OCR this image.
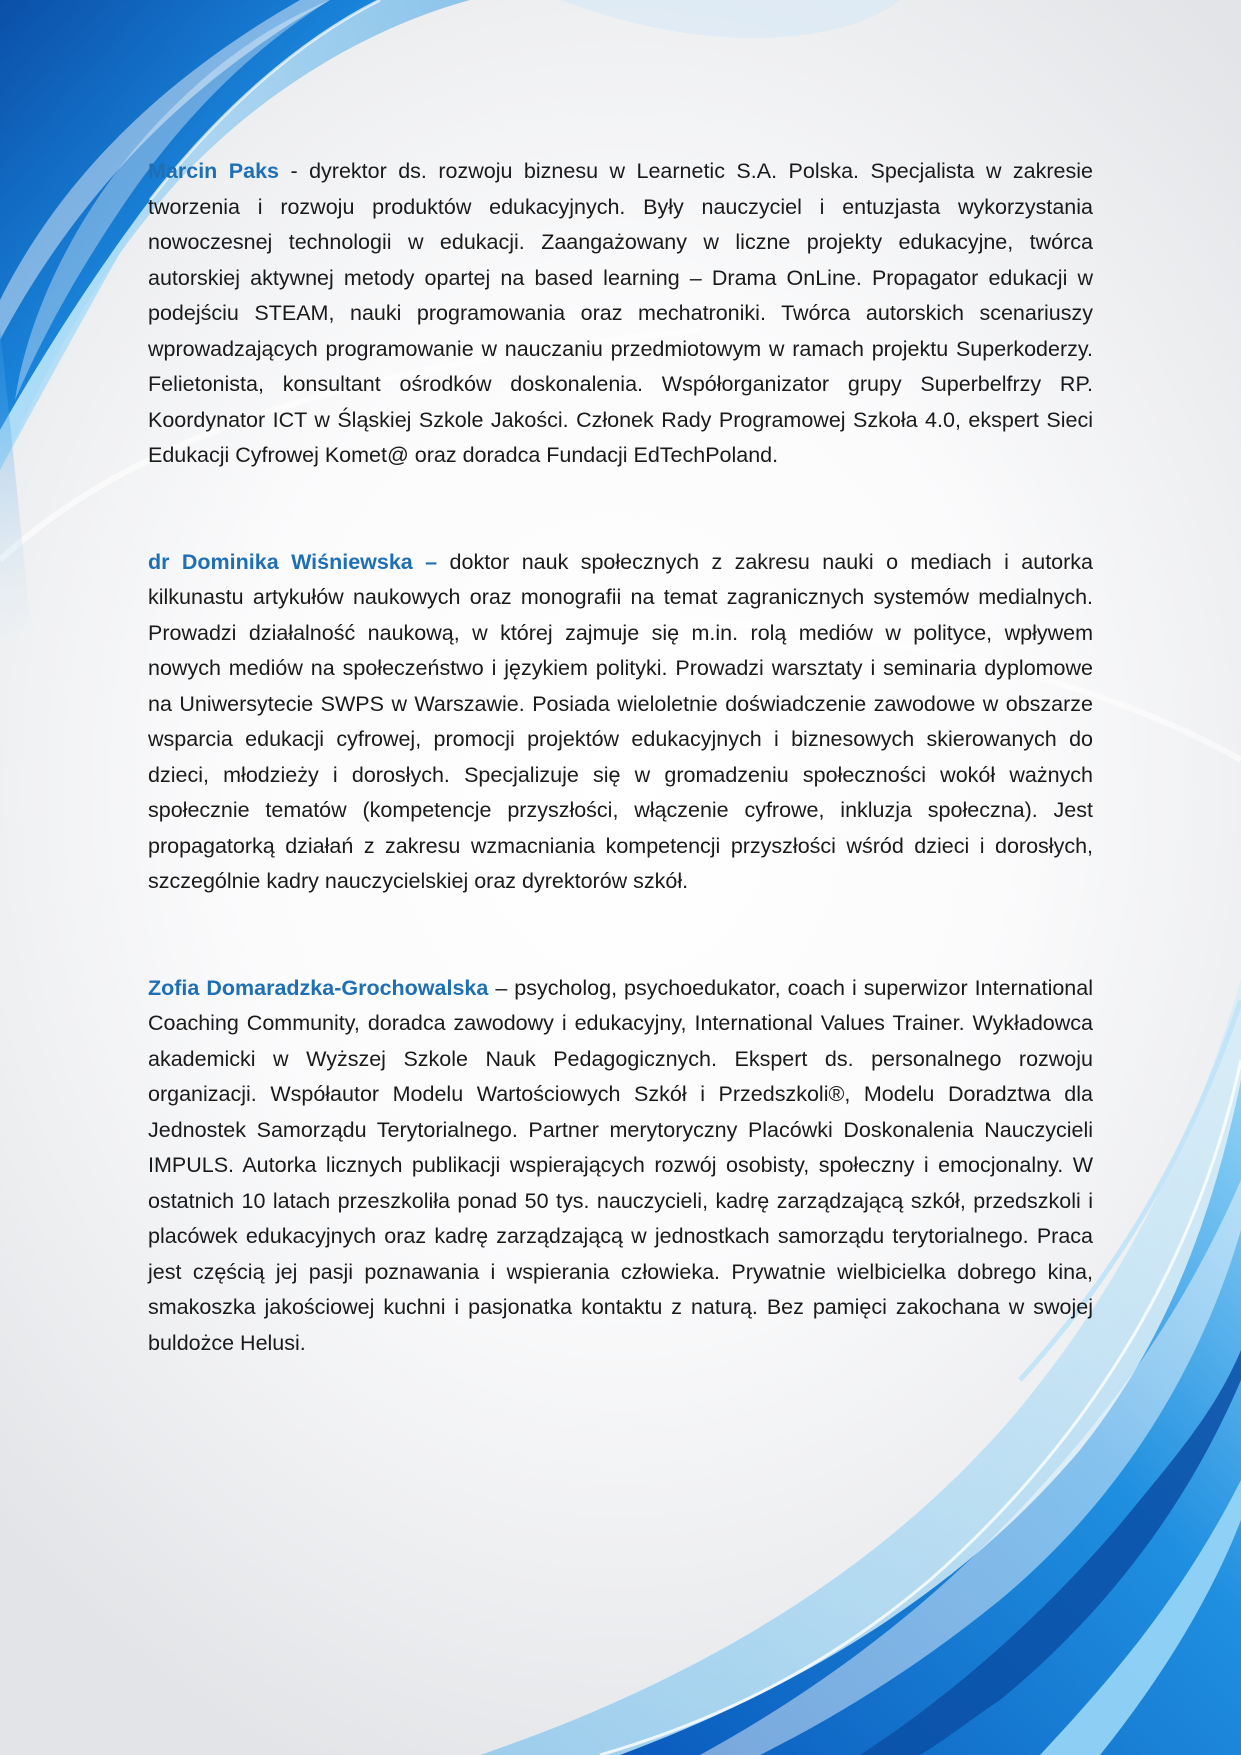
Marcin Paks - dyrektor ds. rozwoju biznesu w Learnetic S.A. Polska. Specjalista w zakresie tworzenia i rozwoju produktów edukacyjnych. Były nauczyciel i entuzjasta wykorzystania nowoczesnej technologii w edukacji. Zaangażowany w liczne projekty edukacyjne, twórca autorskiej aktywnej metody opartej na based learning – Drama OnLine. Propagator edukacji w podejściu STEAM, nauki programowania oraz mechatroniki. Twórca autorskich scenariuszy wprowadzających programowanie w nauczaniu przedmiotowym w ramach projektu Superkoderzy. Felietonista, konsultant ośrodków doskonalenia. Współorganizator grupy Superbelfrzy RP. Koordynator ICT w Śląskiej Szkole Jakości. Członek Rady Programowej Szkoła 4.0, ekspert Sieci Edukacji Cyfrowej Komet@ oraz doradca Fundacji EdTechPoland.

dr Dominika Wiśniewska – doktor nauk społecznych z zakresu nauki o mediach i autorka kilkunastu artykułów naukowych oraz monografii na temat zagranicznych systemów medialnych. Prowadzi działalność naukową, w której zajmuje się m.in. rolą mediów w polityce, wpływem nowych mediów na społeczeństwo i językiem polityki. Prowadzi warsztaty i seminaria dyplomowe na Uniwersytecie SWPS w Warszawie. Posiada wieloletnie doświadczenie zawodowe w obszarze wsparcia edukacji cyfrowej, promocji projektów edukacyjnych i biznesowych skierowanych do dzieci, młodzieży i dorosłych. Specjalizuje się w gromadzeniu społeczności wokół ważnych społecznie tematów (kompetencje przyszłości, włączenie cyfrowe, inkluzja społeczna). Jest propagatorką działań z zakresu wzmacniania kompetencji przyszłości wśród dzieci i dorosłych, szczególnie kadry nauczycielskiej oraz dyrektorów szkół.

Zofia Domaradzka-Grochowalska – psycholog, psychoedukator, coach i superwizor International Coaching Community, doradca zawodowy i edukacyjny, International Values Trainer. Wykładowca akademicki w Wyższej Szkole Nauk Pedagogicznych. Ekspert ds. personalnego rozwoju organizacji. Współautor Modelu Wartościowych Szkół i Przedszkoli®, Modelu Doradztwa dla Jednostek Samorządu Terytorialnego. Partner merytoryczny Placówki Doskonalenia Nauczycieli IMPULS. Autorka licznych publikacji wspierających rozwój osobisty, społeczny i emocjonalny. W ostatnich 10 latach przeszkoliła ponad 50 tys. nauczycieli, kadrę zarządzającą szkół, przedszkoli i placówek edukacyjnych oraz kadrę zarządzającą w jednostkach samorządu terytorialnego. Praca jest częścią jej pasji poznawania i wspierania człowieka. Prywatnie wielbicielka dobrego kina, smakoszka jakościowej kuchni i pasjonatka kontaktu z naturą. Bez pamięci zakochana w swojej buldożce Helusi.
